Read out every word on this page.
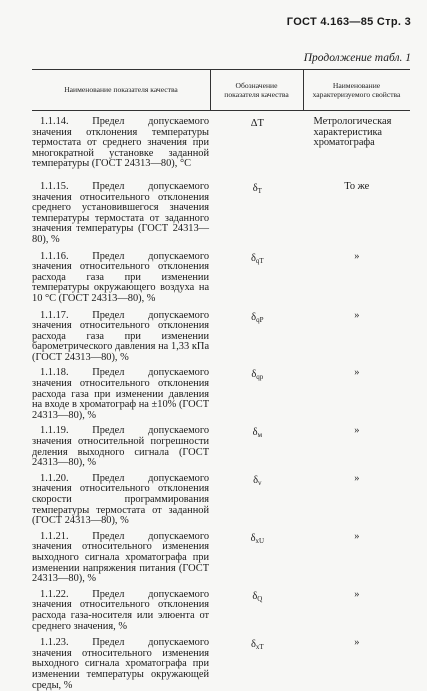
ГОСТ 4.163—85 Стр. 3
Продолжение табл. 1
Наименование показателя качества
Обозначение показателя качества
Наименование характеризуемого свойства
1.1.14. Предел допускаемого значения отклонения температуры термостата от среднего значения при многократной установке заданной температуры (ГОСТ 24313—80), °С
ΔT	Метрологическая характеристика хроматографа
1.1.15. Предел допускаемого значения относительного отклонения среднего установившегося значения температуры термостата от заданного значения температуры (ГОСТ 24313—80), %
$\delta_T$	То же
1.1.16. Предел допускаемого значения относительного отклонения расхода газа при изменении температуры окружающего воздуха на 10 °С (ГОСТ 24313—80), %
$\delta_{qT}$	»
1.1.17. Предел допускаемого значения относительного отклонения расхода газа при изменении барометрического давления на 1,33 кПа (ГОСТ 24313—80), %
$\delta_{qP}$	»
1.1.18. Предел допускаемого значения относительного отклонения расхода газа при изменении давления на входе в хроматограф на ±10% (ГОСТ 24313—80), %
$\delta_{qp}$	»
1.1.19. Предел допускаемого значения относительной погрешности деления выходного сигнала (ГОСТ 24313—80), %
$\delta_м$	»
1.1.20. Предел допускаемого значения относительного отклонения скорости программирования температуры термостата от заданной (ГОСТ 24313—80), %
$\delta_v$	»
1.1.21. Предел допускаемого значения относительного изменения выходного сигнала хроматографа при изменении напряжения питания (ГОСТ 24313—80), %
$\delta_{xU}$	»
1.1.22. Предел допускаемого значения относительного отклонения расхода газа-носителя или элюента от среднего значения, %
$\delta_Q$	»
1.1.23. Предел допускаемого значения относительного изменения выходного сигнала хроматографа при изменении температуры окружающей среды, %
$\delta_{xT}$	»
